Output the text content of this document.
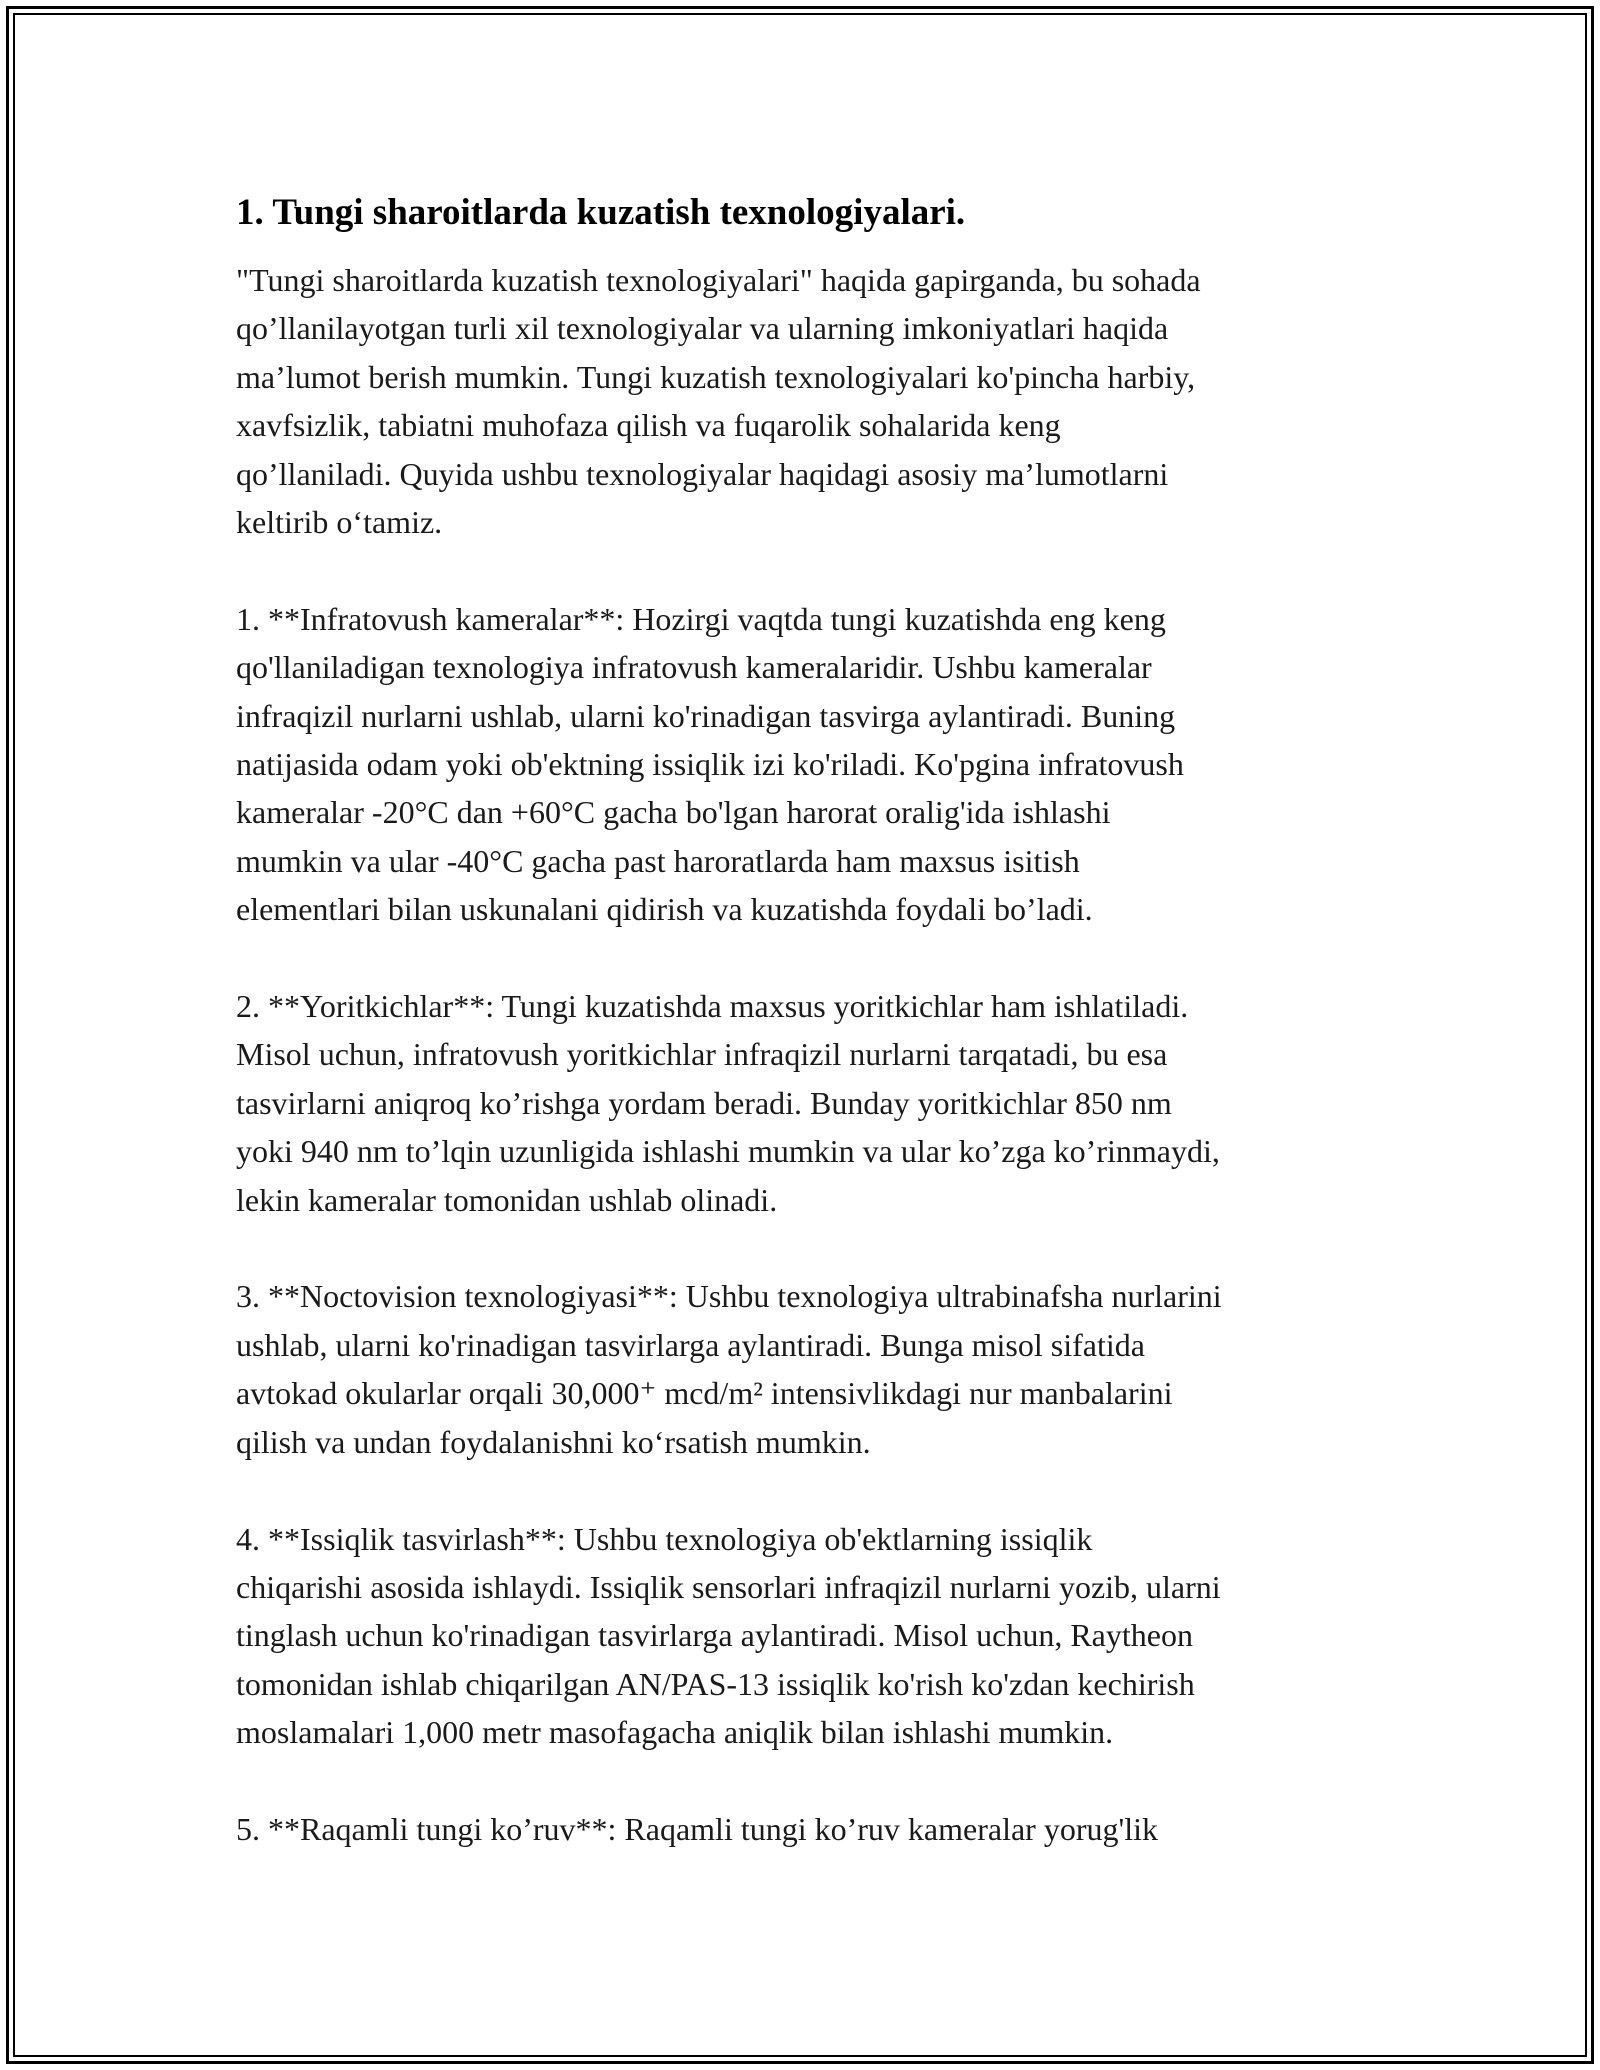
1. Tungi sharoitlarda kuzatish texnologiyalari.
"Tungi sharoitlarda kuzatish texnologiyalari" haqida gapirganda, bu sohada
qo’llanilayotgan turli xil texnologiyalar va ularning imkoniyatlari haqida
ma’lumot berish mumkin. Tungi kuzatish texnologiyalari ko'pincha harbiy,
xavfsizlik, tabiatni muhofaza qilish va fuqarolik sohalarida keng
qo’llaniladi. Quyida ushbu texnologiyalar haqidagi asosiy ma’lumotlarni
keltirib o‘tamiz.
1. **Infratovush kameralar**: Hozirgi vaqtda tungi kuzatishda eng keng
qo'llaniladigan texnologiya infratovush kameralaridir. Ushbu kameralar
infraqizil nurlarni ushlab, ularni ko'rinadigan tasvirga aylantiradi. Buning
natijasida odam yoki ob'ektning issiqlik izi ko'riladi. Ko'pgina infratovush
kameralar -20°C dan +60°C gacha bo'lgan harorat oralig'ida ishlashi
mumkin va ular -40°C gacha past haroratlarda ham maxsus isitish
elementlari bilan uskunalani qidirish va kuzatishda foydali bo’ladi.
2. **Yoritkichlar**: Tungi kuzatishda maxsus yoritkichlar ham ishlatiladi.
Misol uchun, infratovush yoritkichlar infraqizil nurlarni tarqatadi, bu esa
tasvirlarni aniqroq ko’rishga yordam beradi. Bunday yoritkichlar 850 nm
yoki 940 nm to’lqin uzunligida ishlashi mumkin va ular ko’zga ko’rinmaydi,
lekin kameralar tomonidan ushlab olinadi.
3. **Noctovision texnologiyasi**: Ushbu texnologiya ultrabinafsha nurlarini
ushlab, ularni ko'rinadigan tasvirlarga aylantiradi. Bunga misol sifatida
avtokad okularlar orqali 30,000⁺ mcd/m² intensivlikdagi nur manbalarini
qilish va undan foydalanishni ko‘rsatish mumkin.
4. **Issiqlik tasvirlash**: Ushbu texnologiya ob'ektlarning issiqlik
chiqarishi asosida ishlaydi. Issiqlik sensorlari infraqizil nurlarni yozib, ularni
tinglash uchun ko'rinadigan tasvirlarga aylantiradi. Misol uchun, Raytheon
tomonidan ishlab chiqarilgan AN/PAS-13 issiqlik ko'rish ko'zdan kechirish
moslamalari 1,000 metr masofagacha aniqlik bilan ishlashi mumkin.
5. **Raqamli tungi ko’ruv**: Raqamli tungi ko’ruv kameralar yorug'lik
